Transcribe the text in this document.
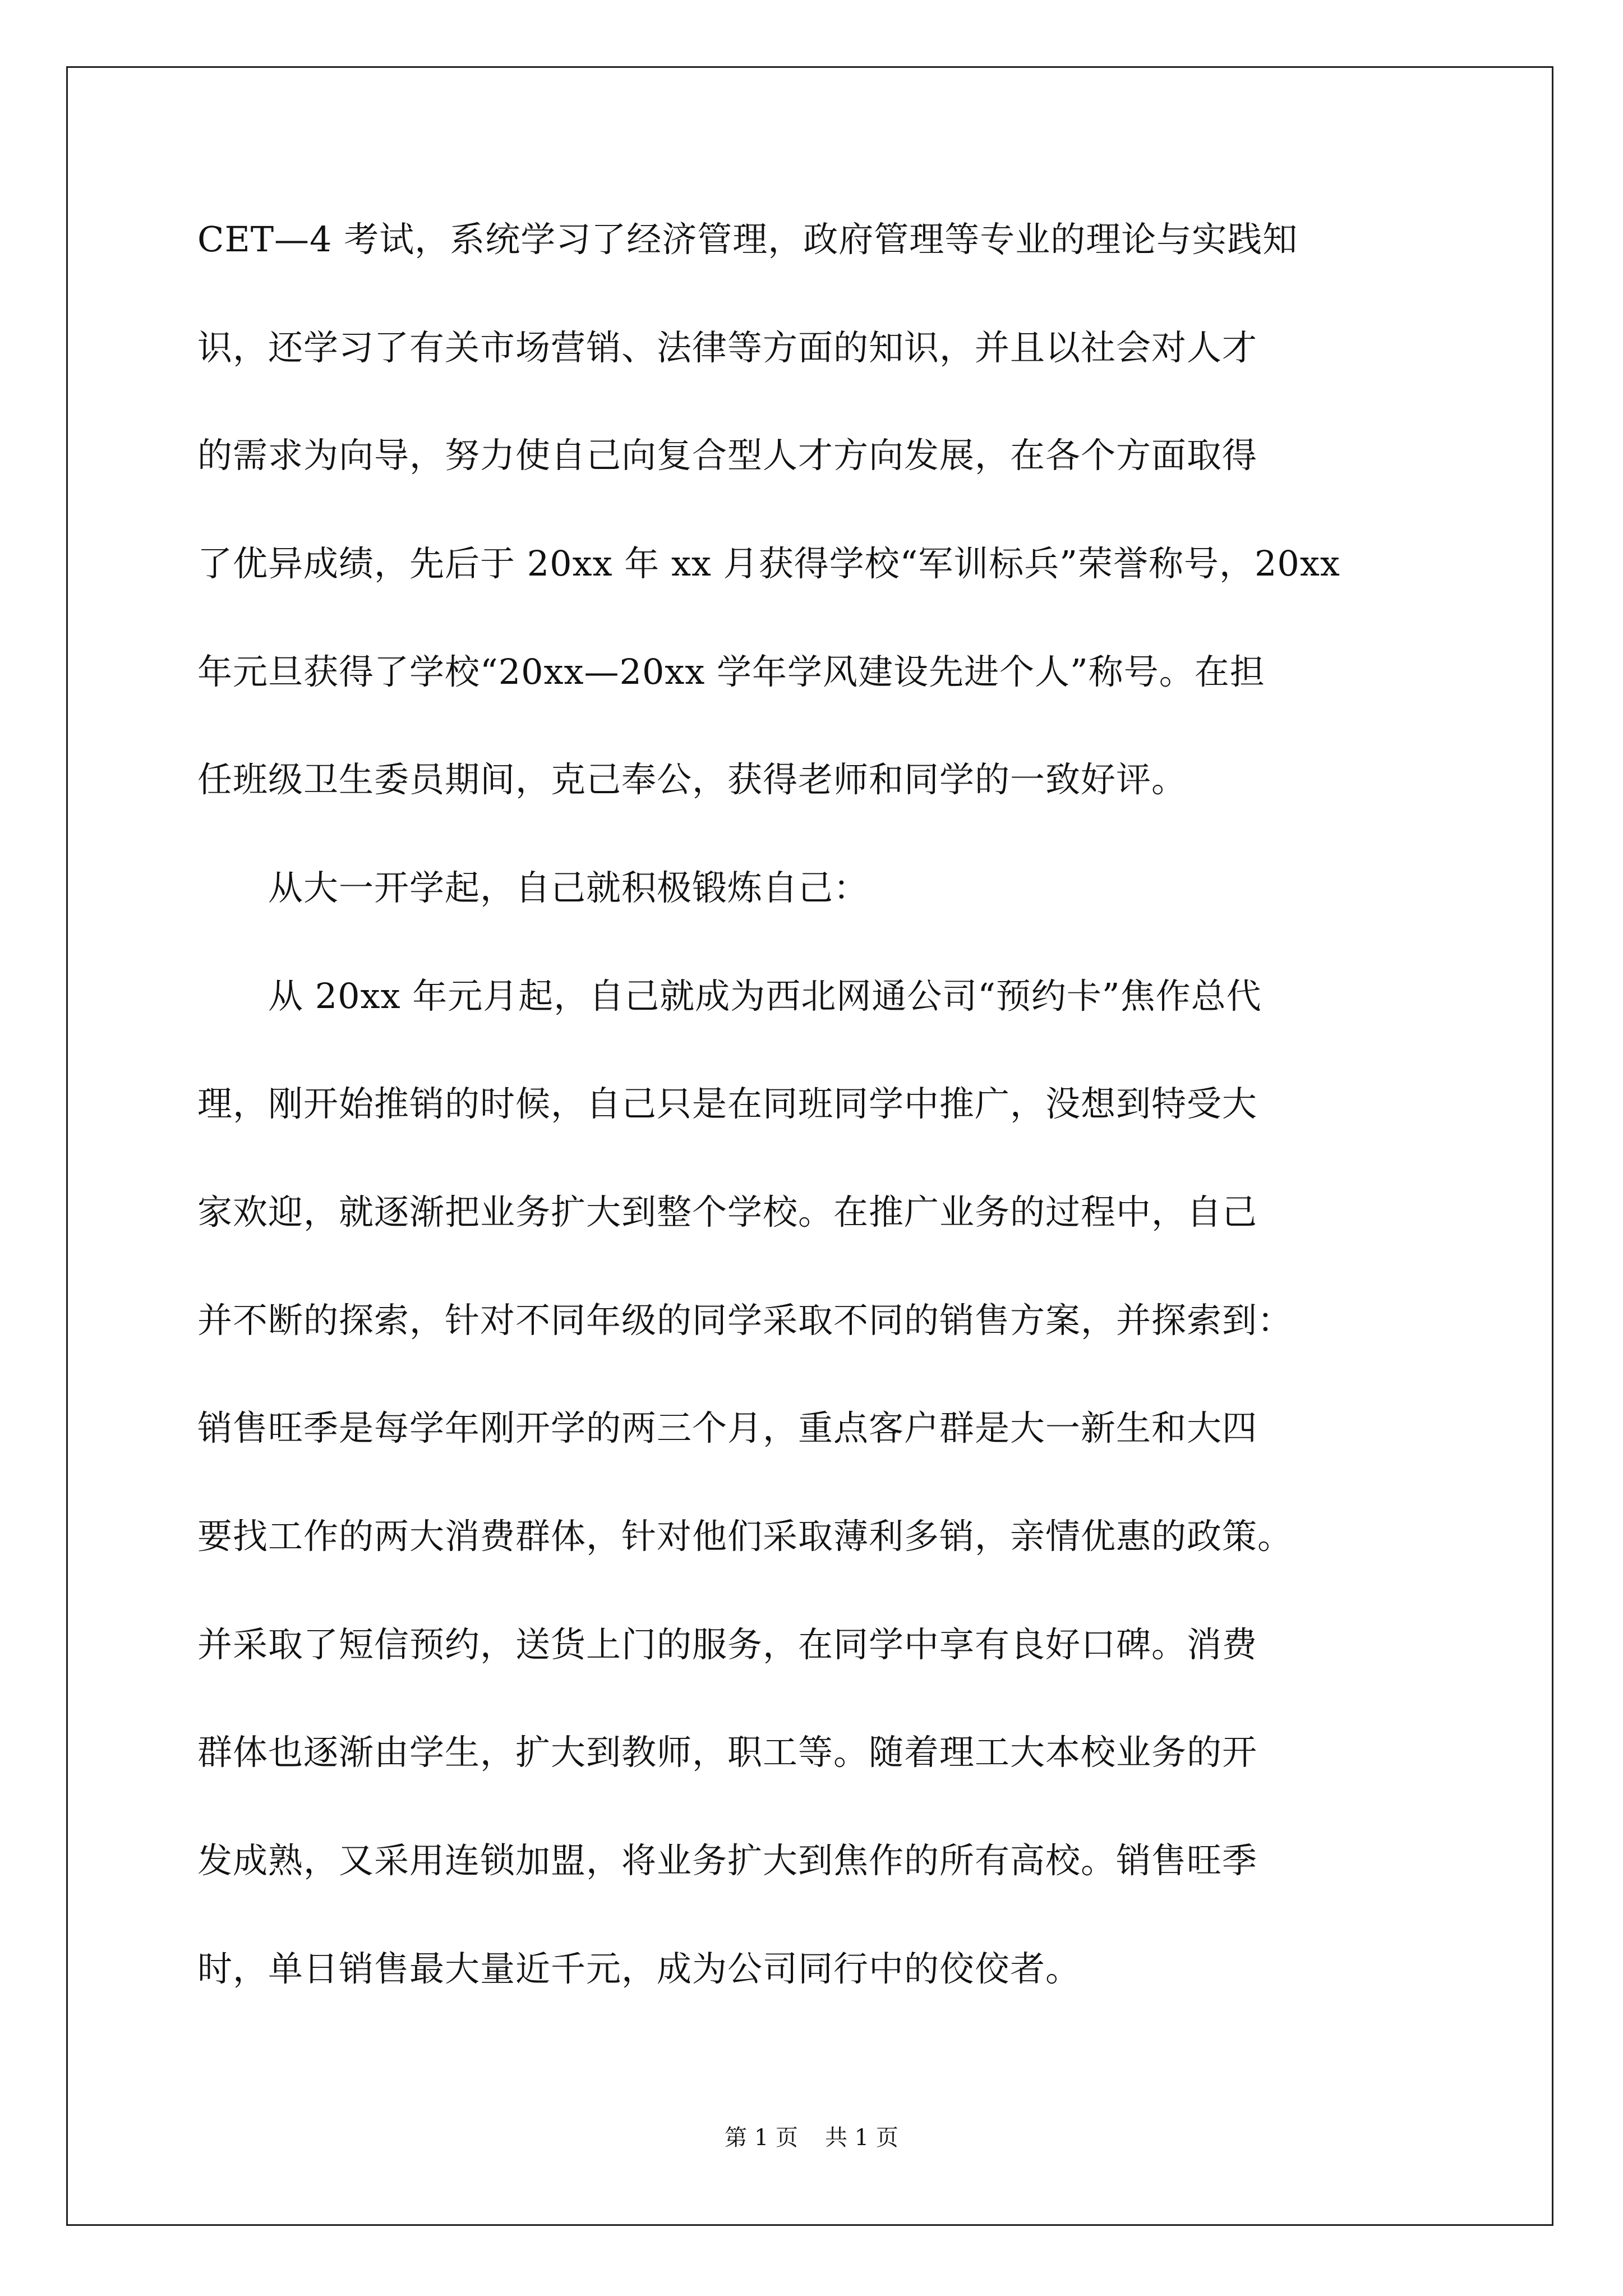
CET—4 考试，系统学习了经济管理，政府管理等专业的理论与实践知

识，还学习了有关市场营销、法律等方面的知识，并且以社会对人才

的需求为向导，努力使自己向复合型人才方向发展，在各个方面取得

了优异成绩，先后于 20xx 年 xx 月获得学校“军训标兵”荣誉称号，20xx

年元旦获得了学校“20xx—20xx 学年学风建设先进个人”称号。在担

任班级卫生委员期间，克己奉公，获得老师和同学的一致好评。

　　从大一开学起，自己就积极锻炼自己：

　　从 20xx 年元月起，自己就成为西北网通公司“预约卡”焦作总代

理，刚开始推销的时候，自己只是在同班同学中推广，没想到特受大

家欢迎，就逐渐把业务扩大到整个学校。在推广业务的过程中，自己

并不断的探索，针对不同年级的同学采取不同的销售方案，并探索到：

销售旺季是每学年刚开学的两三个月，重点客户群是大一新生和大四

要找工作的两大消费群体，针对他们采取薄利多销，亲情优惠的政策。

并采取了短信预约，送货上门的服务，在同学中享有良好口碑。消费

群体也逐渐由学生，扩大到教师，职工等。随着理工大本校业务的开

发成熟，又采用连锁加盟，将业务扩大到焦作的所有高校。销售旺季

时，单日销售最大量近千元，成为公司同行中的佼佼者。

第 1 页 共 1 页
